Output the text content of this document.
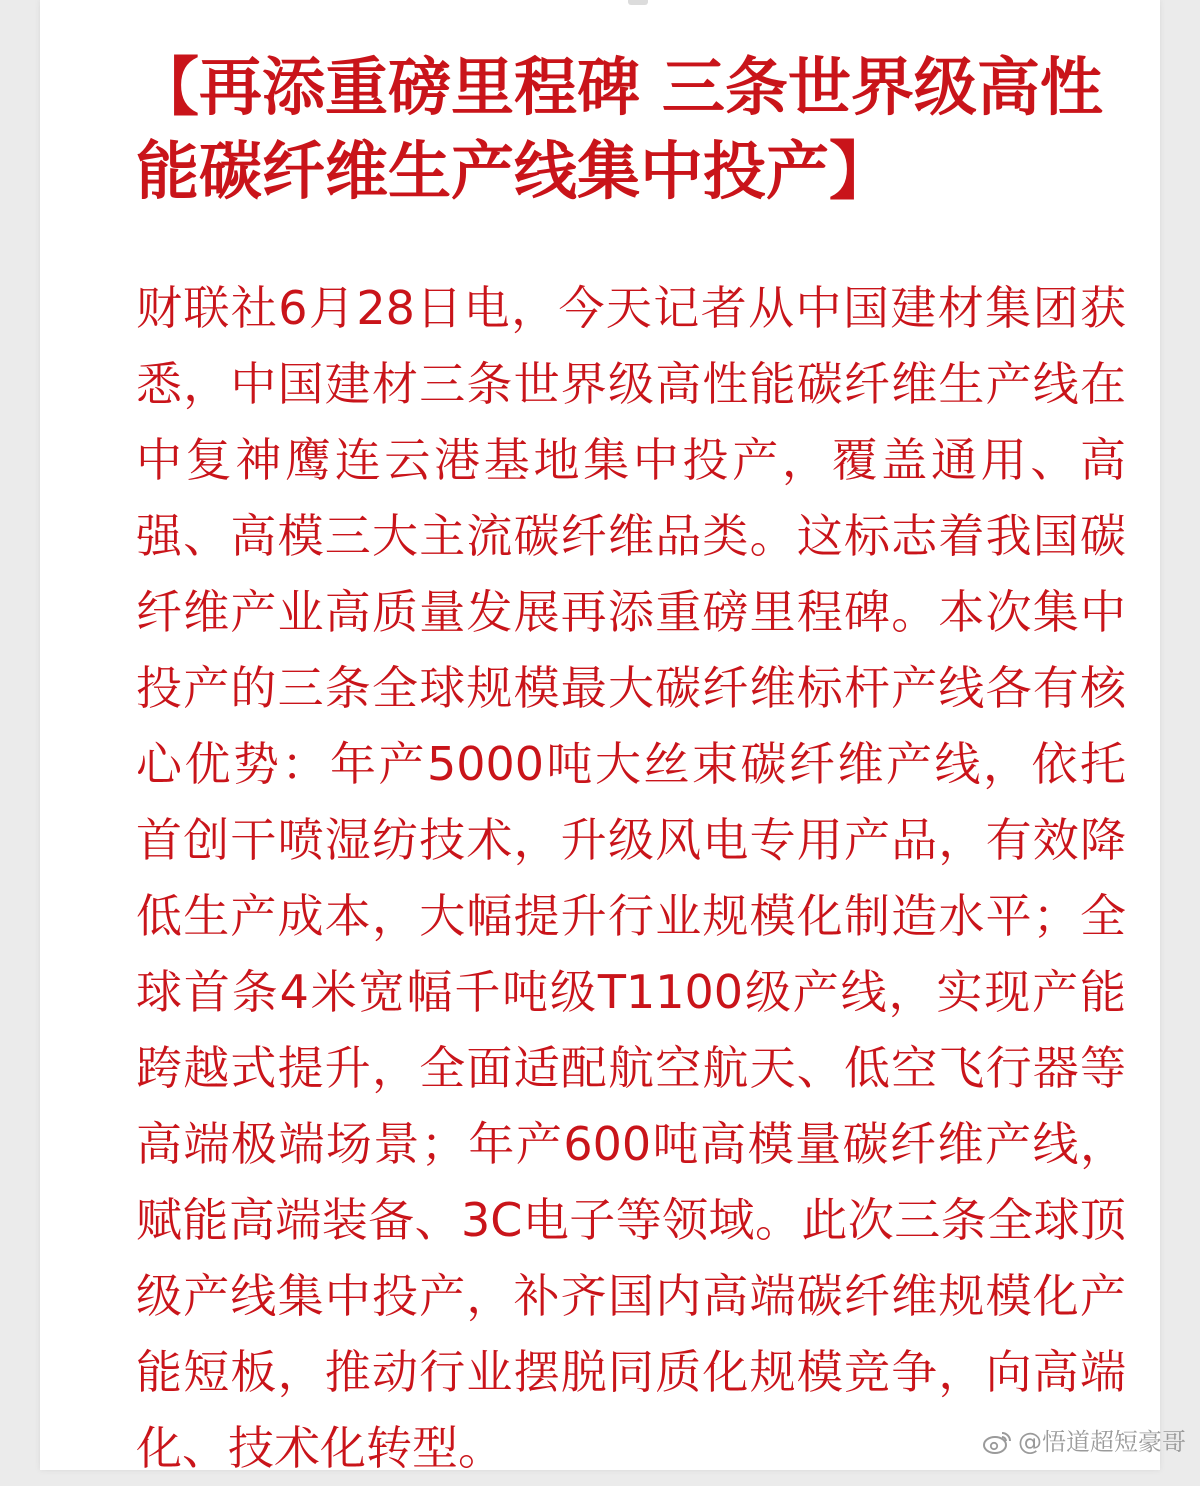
【再添重磅里程碑 三条世界级高性能碳纤维生产线集中投产】

财联社6月28日电，今天记者从中国建材集团获悉，中国建材三条世界级高性能碳纤维生产线在中复神鹰连云港基地集中投产，覆盖通用、高强、高模三大主流碳纤维品类。这标志着我国碳纤维产业高质量发展再添重磅里程碑。本次集中投产的三条全球规模最大碳纤维标杆产线各有核心优势：年产5000吨大丝束碳纤维产线，依托首创干喷湿纺技术，升级风电专用产品，有效降低生产成本，大幅提升行业规模化制造水平；全球首条4米宽幅千吨级T1100级产线，实现产能跨越式提升，全面适配航空航天、低空飞行器等高端极端场景；年产600吨高模量碳纤维产线，赋能高端装备、3C电子等领域。此次三条全球顶级产线集中投产，补齐国内高端碳纤维规模化产能短板，推动行业摆脱同质化规模竞争，向高端化、技术化转型。	@悟道超短豪哥
